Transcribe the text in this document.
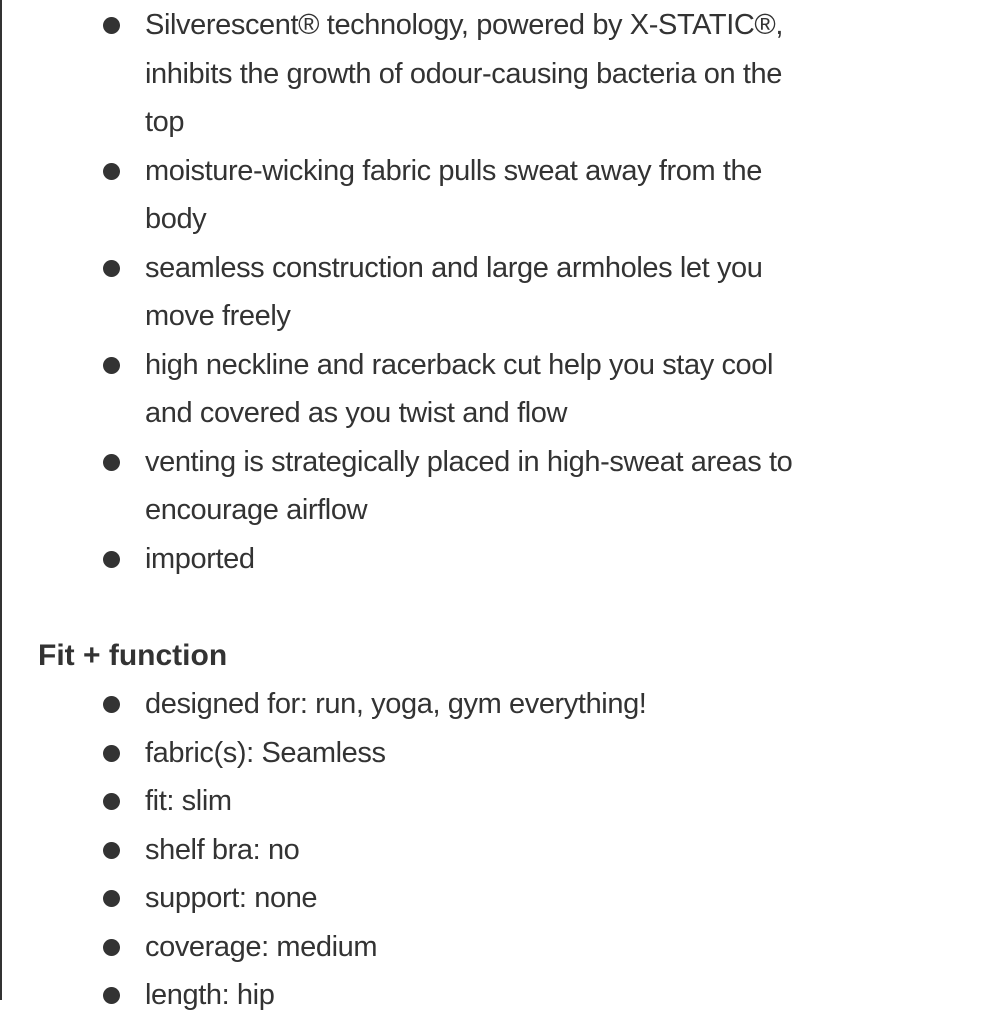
Silverescent® technology, powered by X-STATIC®,
inhibits the growth of odour-causing bacteria on the
top
moisture-wicking fabric pulls sweat away from the
body
seamless construction and large armholes let you
move freely
high neckline and racerback cut help you stay cool
and covered as you twist and flow
venting is strategically placed in high-sweat areas to
encourage airflow
imported
Fit + function
designed for: run, yoga, gym everything!
fabric(s): Seamless
fit: slim
shelf bra: no
support: none
coverage: medium
length: hip
